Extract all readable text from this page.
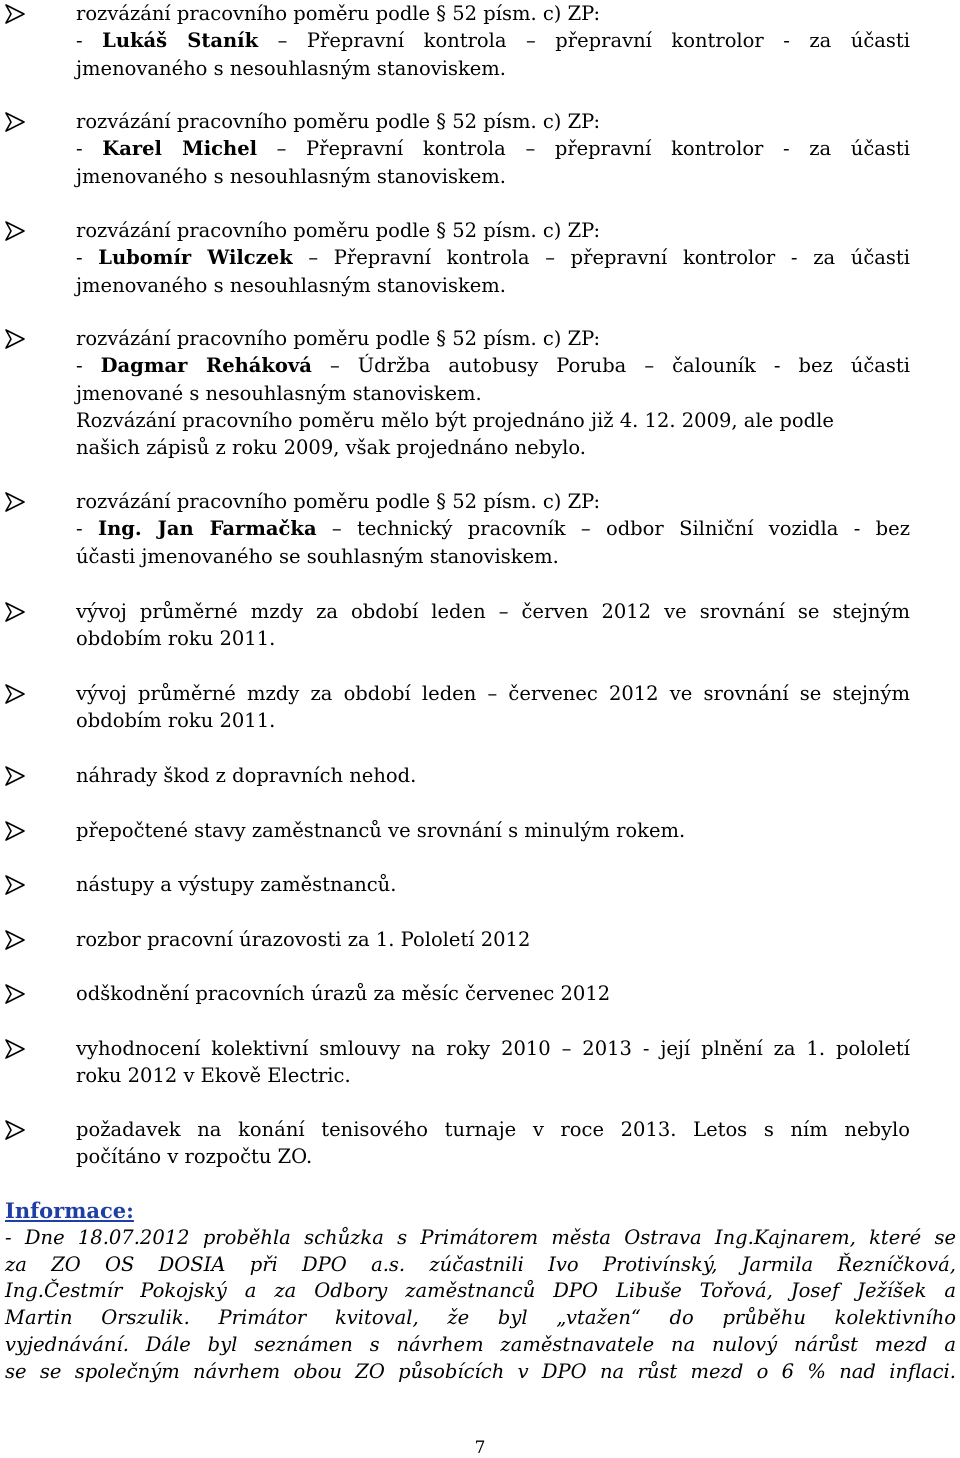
rozvázání pracovního poměru podle § 52 písm. c) ZP:
- Lukáš Staník – Přepravní kontrola – přepravní kontrolor - za účasti
jmenovaného s nesouhlasným stanoviskem.
rozvázání pracovního poměru podle § 52 písm. c) ZP:
- Karel Michel – Přepravní kontrola – přepravní kontrolor - za účasti
jmenovaného s nesouhlasným stanoviskem.
rozvázání pracovního poměru podle § 52 písm. c) ZP:
- Lubomír Wilczek – Přepravní kontrola – přepravní kontrolor - za účasti
jmenovaného s nesouhlasným stanoviskem.
rozvázání pracovního poměru podle § 52 písm. c) ZP:
- Dagmar Reháková – Údržba autobusy Poruba – čalouník - bez účasti
jmenované s nesouhlasným stanoviskem.
Rozvázání pracovního poměru mělo být projednáno již 4. 12. 2009, ale podle
našich zápisů z roku 2009, však projednáno nebylo.
rozvázání pracovního poměru podle § 52 písm. c) ZP:
- Ing. Jan Farmačka – technický pracovník – odbor Silniční vozidla - bez
účasti jmenovaného se souhlasným stanoviskem.
vývoj průměrné mzdy za období leden – červen 2012 ve srovnání se stejným
obdobím roku 2011.
vývoj průměrné mzdy za období leden – červenec 2012 ve srovnání se stejným
obdobím roku 2011.
náhrady škod z dopravních nehod.
přepočtené stavy zaměstnanců ve srovnání s minulým rokem.
nástupy a výstupy zaměstnanců.
rozbor pracovní úrazovosti za 1. Pololetí 2012
odškodnění pracovních úrazů za měsíc červenec 2012
vyhodnocení kolektivní smlouvy na roky 2010 – 2013 - její plnění za 1. pololetí
roku 2012 v Ekově Electric.
požadavek na konání tenisového turnaje v roce 2013. Letos s ním nebylo
počítáno v rozpočtu ZO.
Informace:
- Dne 18.07.2012 proběhla schůzka s Primátorem města Ostrava Ing.Kajnarem, které se
za ZO OS DOSIA při DPO a.s. zúčastnili Ivo Protivínský, Jarmila Řezníčková,
Ing.Čestmír Pokojský a za Odbory zaměstnanců DPO Libuše Tořová, Josef Ježíšek a
Martin Orszulik. Primátor kvitoval, že byl „vtažen“ do průběhu kolektivního
vyjednávání. Dále byl seznámen s návrhem zaměstnavatele na nulový nárůst mezd a
se se společným návrhem obou ZO působících v DPO na růst mezd o 6 % nad inflaci.
7
